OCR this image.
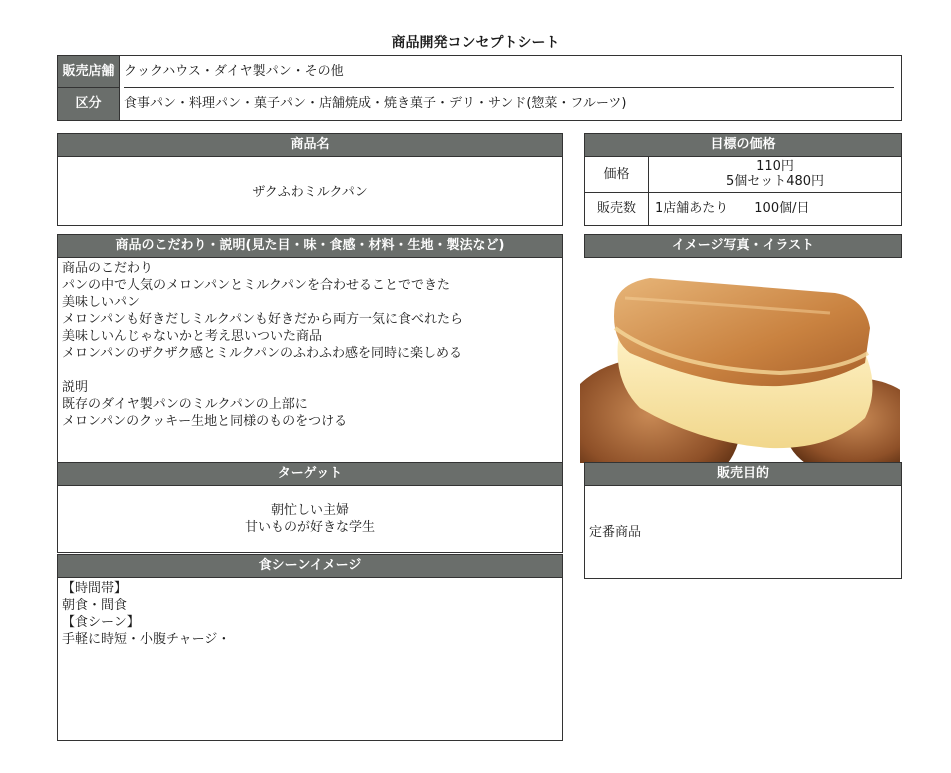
商品開発コンセプトシート
販売店舗 クックハウス・ダイヤ製パン・その他
区分	食事パン・料理パン・菓子パン・店舗焼成・焼き菓子・デリ・サンド(惣菜・フルーツ)
商品名
ザクふわミルクパン
目標の価格
価格
110円
5個セット480円
販売数	1店舗あたり　　100個/日
商品のこだわり・説明(見た目・味・食感・材料・生地・製法など)
商品のこだわり
パンの中で人気のメロンパンとミルクパンを合わせることでできた
美味しいパン
メロンパンも好きだしミルクパンも好きだから両方一気に食べれたら
美味しいんじゃないかと考え思いついた商品
メロンパンのザクザク感とミルクパンのふわふわ感を同時に楽しめる
説明
既存のダイヤ製パンのミルクパンの上部に
メロンパンのクッキー生地と同様のものをつける
イメージ写真・イラスト
ターゲット
朝忙しい主婦
甘いものが好きな学生
販売目的
定番商品
食シーンイメージ
【時間帯】
朝食・間食
【食シーン】
手軽に時短・小腹チャージ・
